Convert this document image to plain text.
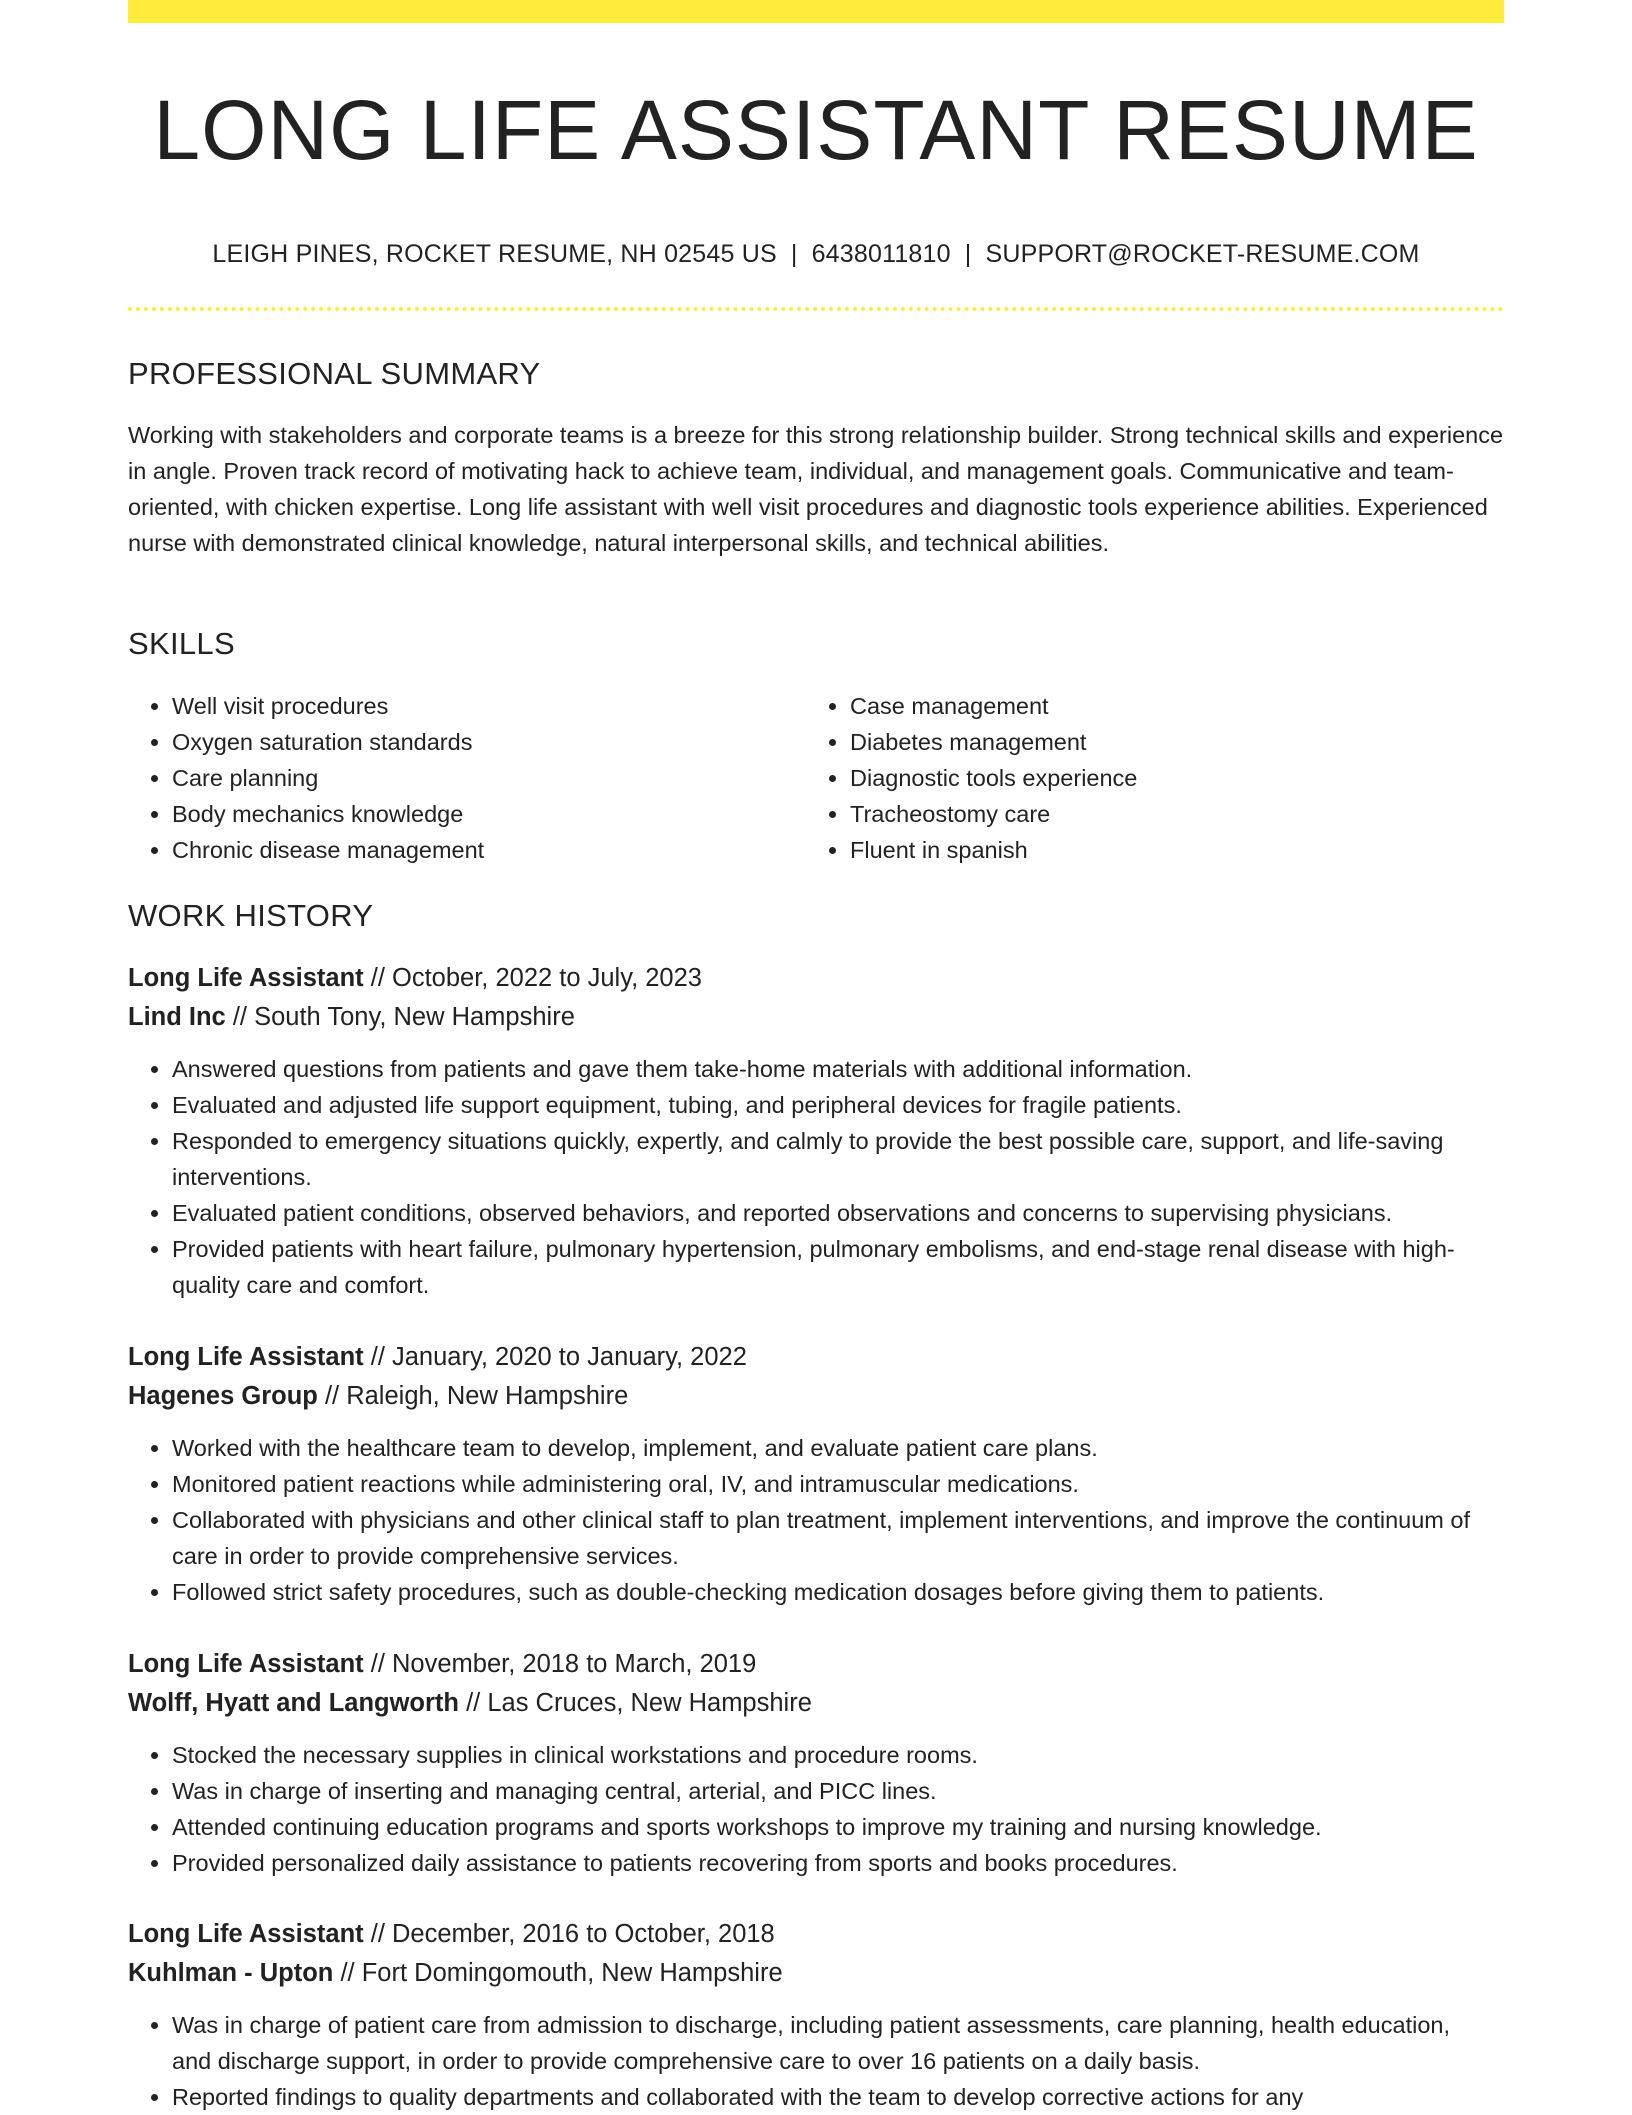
LONG LIFE ASSISTANT RESUME
LEIGH PINES, ROCKET RESUME, NH 02545 US | 6438011810 | SUPPORT@ROCKET-RESUME.COM
PROFESSIONAL SUMMARY

Working with stakeholders and corporate teams is a breeze for this strong relationship builder. Strong technical skills and experience in angle. Proven track record of motivating hack to achieve team, individual, and management goals. Communicative and team-oriented, with chicken expertise. Long life assistant with well visit procedures and diagnostic tools experience abilities. Experienced nurse with demonstrated clinical knowledge, natural interpersonal skills, and technical abilities.

SKILLS
• Well visit procedures
• Oxygen saturation standards
• Care planning
• Body mechanics knowledge
• Chronic disease management
• Case management
• Diabetes management
• Diagnostic tools experience
• Tracheostomy care
• Fluent in spanish
WORK HISTORY

Long Life Assistant // October, 2022 to July, 2023

Lind Inc // South Tony, New Hampshire

• Answered questions from patients and gave them take-home materials with additional information.
• Evaluated and adjusted life support equipment, tubing, and peripheral devices for fragile patients.
• Responded to emergency situations quickly, expertly, and calmly to provide the best possible care, support, and life-saving interventions.
• Evaluated patient conditions, observed behaviors, and reported observations and concerns to supervising physicians.
• Provided patients with heart failure, pulmonary hypertension, pulmonary embolisms, and end-stage renal disease with high-quality care and comfort.

Long Life Assistant // January, 2020 to January, 2022

Hagenes Group // Raleigh, New Hampshire

• Worked with the healthcare team to develop, implement, and evaluate patient care plans.
• Monitored patient reactions while administering oral, IV, and intramuscular medications.
• Collaborated with physicians and other clinical staff to plan treatment, implement interventions, and improve the continuum of care in order to provide comprehensive services.
• Followed strict safety procedures, such as double-checking medication dosages before giving them to patients.

Long Life Assistant // November, 2018 to March, 2019

Wolff, Hyatt and Langworth // Las Cruces, New Hampshire

• Stocked the necessary supplies in clinical workstations and procedure rooms.
• Was in charge of inserting and managing central, arterial, and PICC lines.
• Attended continuing education programs and sports workshops to improve my training and nursing knowledge.
• Provided personalized daily assistance to patients recovering from sports and books procedures.

Long Life Assistant // December, 2016 to October, 2018

Kuhlman - Upton // Fort Domingomouth, New Hampshire

• Was in charge of patient care from admission to discharge, including patient assessments, care planning, health education, and discharge support, in order to provide comprehensive care to over 16 patients on a daily basis.
• Reported findings to quality departments and collaborated with the team to develop corrective actions for any
